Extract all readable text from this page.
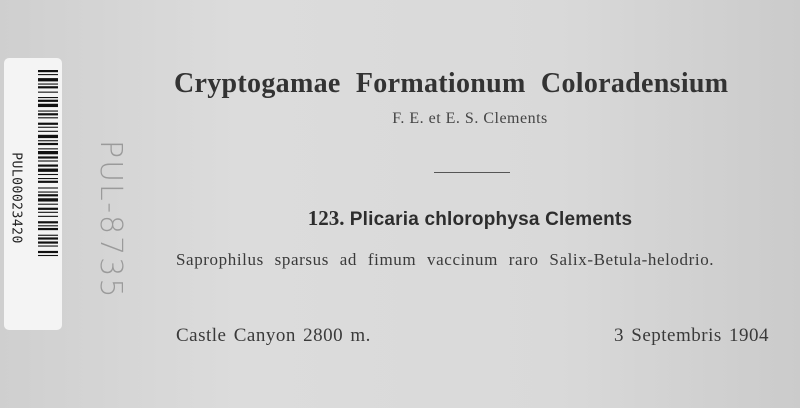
PUL00023420 PUL-8735
Cryptogamae Formationum Coloradensium
F. E. et E. S. Clements
123. Plicaria chlorophysa Clements
Saprophilus sparsus ad fimum vaccinum raro Salix-Betula-helodrio.
Castle Canyon 2800 m.	3 Septembris 1904
